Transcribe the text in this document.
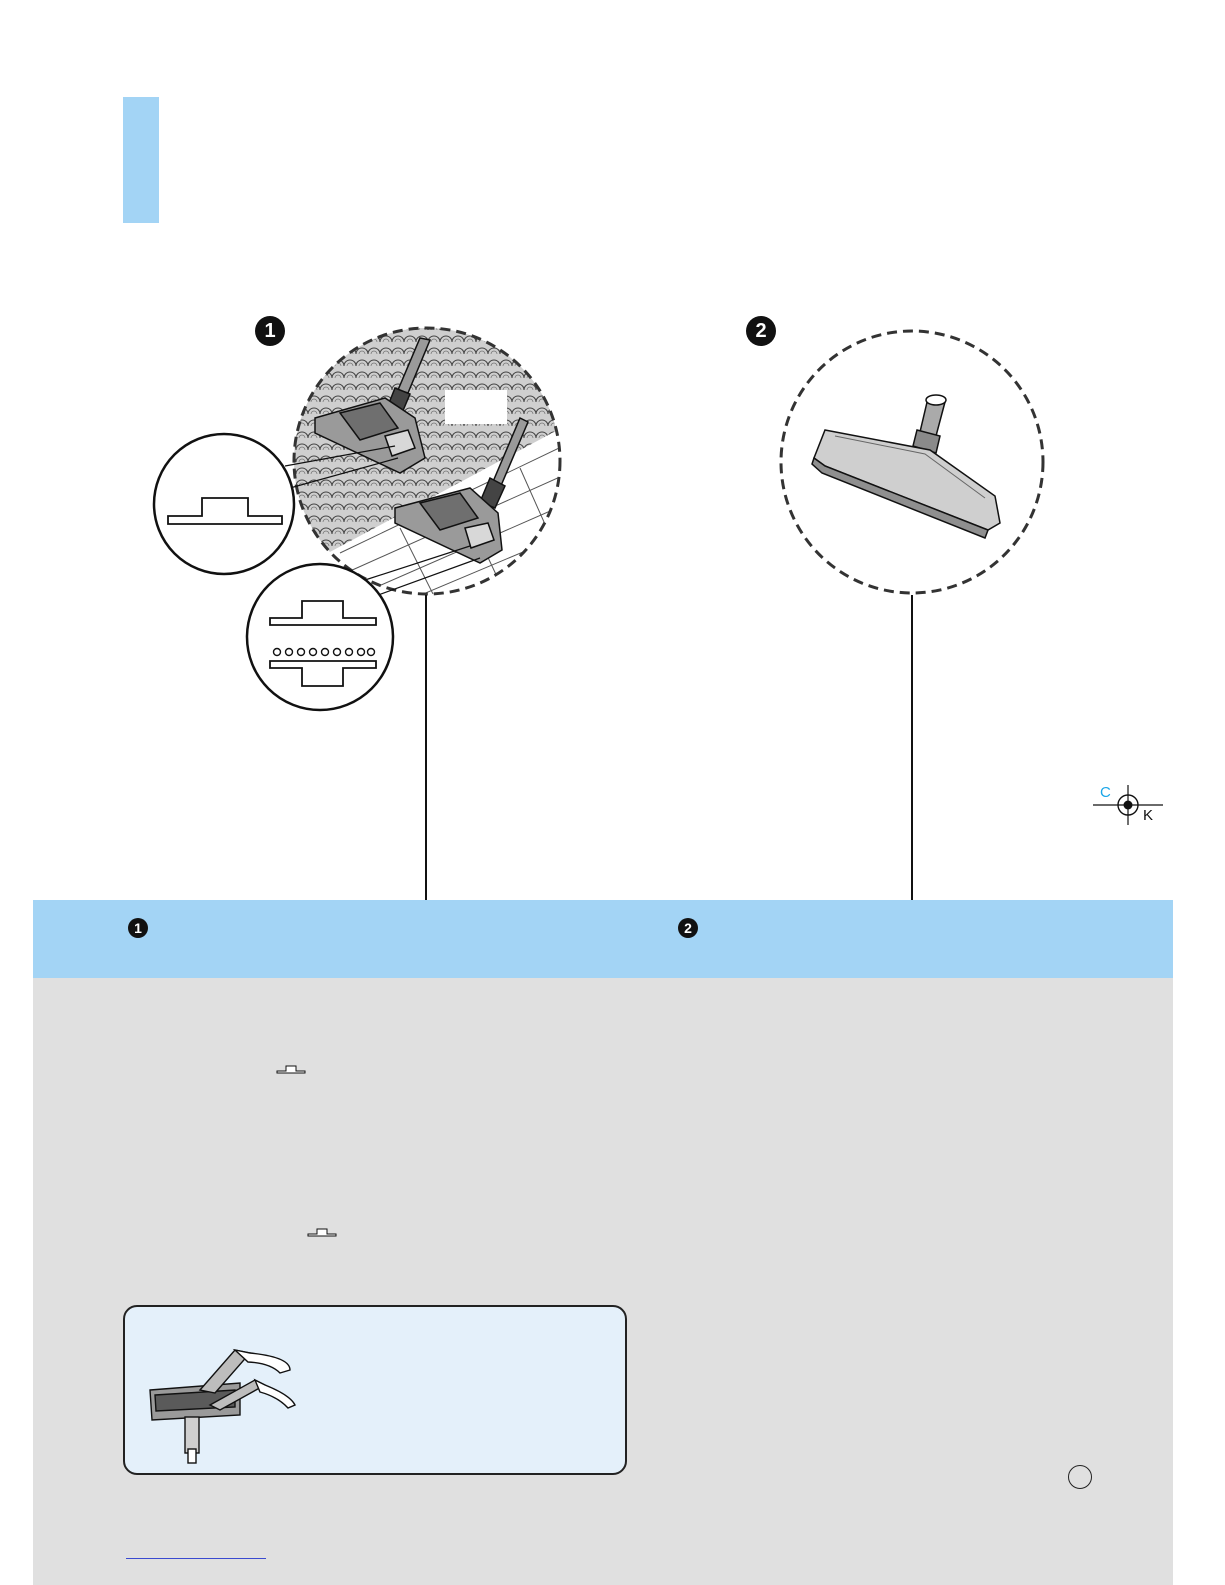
1	2
C
K
1	2
